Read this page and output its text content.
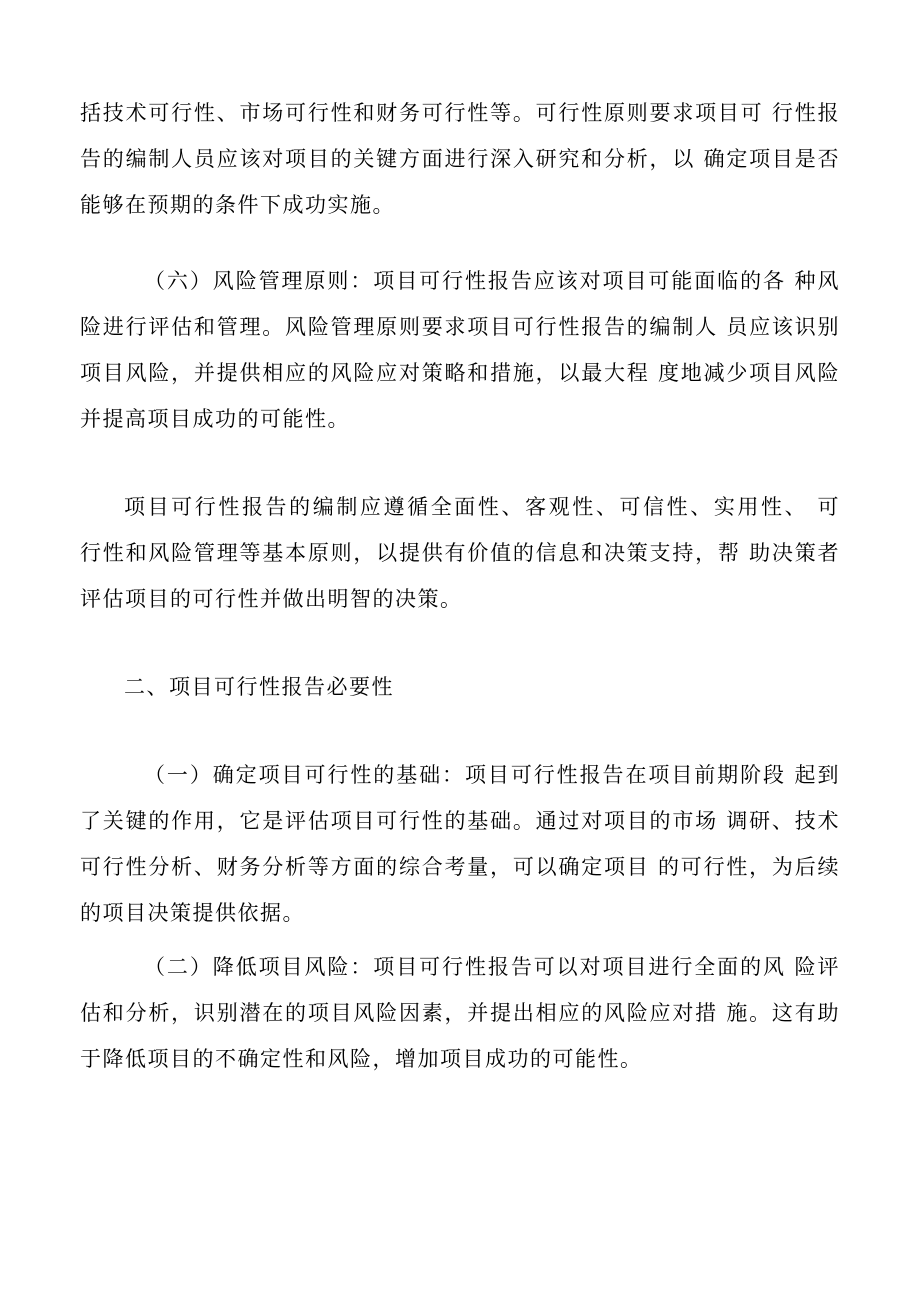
括技术可行性、市场可行性和财务可行性等。可行性原则要求项目可 行性报
告的编制人员应该对项目的关键方面进行深入研究和分析，以 确定项目是否
能够在预期的条件下成功实施。
（六）风险管理原则：项目可行性报告应该对项目可能面临的各 种风
险进行评估和管理。风险管理原则要求项目可行性报告的编制人 员应该识别
项目风险，并提供相应的风险应对策略和措施，以最大程 度地减少项目风险
并提高项目成功的可能性。
项目可行性报告的编制应遵循全面性、客观性、可信性、实用性、 可
行性和风险管理等基本原则，以提供有价值的信息和决策支持，帮 助决策者
评估项目的可行性并做出明智的决策。
二、项目可行性报告必要性
（一）确定项目可行性的基础：项目可行性报告在项目前期阶段 起到
了关键的作用，它是评估项目可行性的基础。通过对项目的市场 调研、技术
可行性分析、财务分析等方面的综合考量，可以确定项目 的可行性，为后续
的项目决策提供依据。
（二）降低项目风险：项目可行性报告可以对项目进行全面的风 险评
估和分析，识别潜在的项目风险因素，并提出相应的风险应对措 施。这有助
于降低项目的不确定性和风险，增加项目成功的可能性。
